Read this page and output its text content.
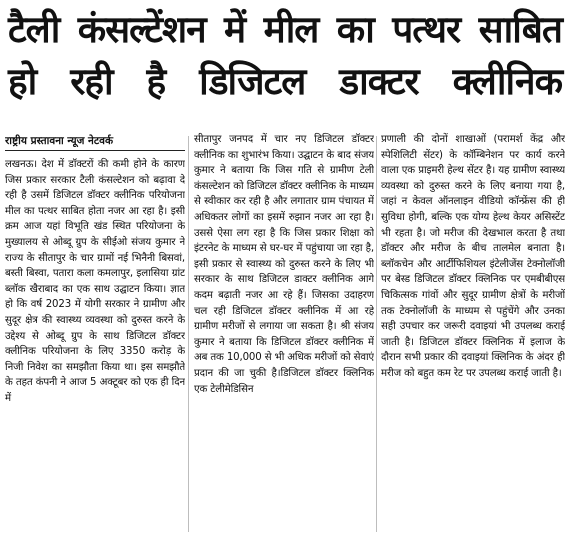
टैली कंसल्टेंशन में मील का पत्थर साबित
हो रही है डिजिटल डाक्टर क्लीनिक
राष्ट्रीय प्रस्तावना न्यूज नेटवर्क

लखनऊ। देश में डॉक्टरों की कमी होने के कारण जिस प्रकार सरकार टैली कंसल्टेशन को बढ़ावा दे रही है उसमें डिजिटल डॉक्टर क्लीनिक परियोजना मील का पत्थर साबित होता नजर आ रहा है। इसी क्रम आज यहां विभूति खंड स्थित परियोजना के मुख्यालय से ओब्दू ग्रुप के सीईओ संजय कुमार ने राज्य के सीतापुर के चार ग्रामों नई भिनैनी बिसवां, बस्ती बिस्वा, पतारा कला कमलापुर, इलासिया ग्रांट ब्लॉक खैराबाद का एक साथ उद्घाटन किया। ज्ञात हो कि वर्ष 2023 में योगी सरकार ने ग्रामीण और सुदूर क्षेत्र की स्वास्थ्य व्यवस्था को दुरुस्त करने के उद्देश्य से ओब्दू ग्रुप के साथ डिजिटल डॉक्टर क्लीनिक परियोजना के लिए 3350 करोड़ के निजी निवेश का समझौता किया था। इस समझौते के तहत कंपनी ने आज 5 अक्टूबर को एक ही दिन में

सीतापुर जनपद में चार नए डिजिटल डॉक्टर क्लीनिक का शुभारंभ किया। उद्घाटन के बाद संजय कुमार ने बताया कि जिस गति से ग्रामीण टेली कंसल्टेशन को डिजिटल डॉक्टर क्लीनिक के माध्यम से स्वीकार कर रही है और लगातार ग्राम पंचायत में अधिकतर लोगों का इसमें रुझान नजर आ रहा है। उससे ऐसा लग रहा है कि जिस प्रकार शिक्षा को इंटरनेट के माध्यम से घर-घर में पहुंचाया जा रहा है, इसी प्रकार से स्वास्थ्य को दुरुस्त करने के लिए भी सरकार के साथ डिजिटल डाक्टर क्लीनिक आगे कदम बढ़ाती नजर आ रहे हैं। जिसका उदाहरण चल रही डिजिटल डॉक्टर क्लीनिक में आ रहे ग्रामीण मरीजों से लगाया जा सकता है। श्री संजय कुमार ने बताया कि डिजिटल डॉक्टर क्लीनिक में अब तक 10,000 से भी अधिक मरीजों को सेवाएं प्रदान की जा चुकी है।डिजिटल डॉक्टर क्लिनिक एक टेलीमेडिसिन

प्रणाली की दोनों शाखाओं (परामर्श केंद्र और स्पेशिलिटी सेंटर) के कॉम्बिनेशन पर कार्य करने वाला एक प्राइमरी हेल्थ सेंटर है। यह ग्रामीण स्वास्थ्य व्यवस्था को दुरुस्त करने के लिए बनाया गया है, जहां न केवल ऑनलाइन वीडियो कॉन्फ्रेंस की ही सुविधा होगी, बल्कि एक योग्य हेल्थ केयर असिस्टेंट भी रहता है। जो मरीज की देखभाल करता है तथा डॉक्टर और मरीज के बीच तालमेल बनाता है। ब्लॉकचेन और आर्टीफिशियल इंटेलीजेंस टेक्नोलॉजी पर बेस्ड डिजिटल डॉक्टर क्लिनिक पर एमबीबीएस चिकित्सक गांवों और सुदूर ग्रामीण क्षेत्रों के मरीजों तक टेक्नोलॉजी के माध्यम से पहुंचेंगे और उनका सही उपचार कर जरूरी दवाइयां भी उपलब्ध कराई जाती है। डिजिटल डॉक्टर क्लिनिक में इलाज के दौरान सभी प्रकार की दवाइयां क्लिनिक के अंदर ही मरीज को बहुत कम रेट पर उपलब्ध कराई जाती है।
